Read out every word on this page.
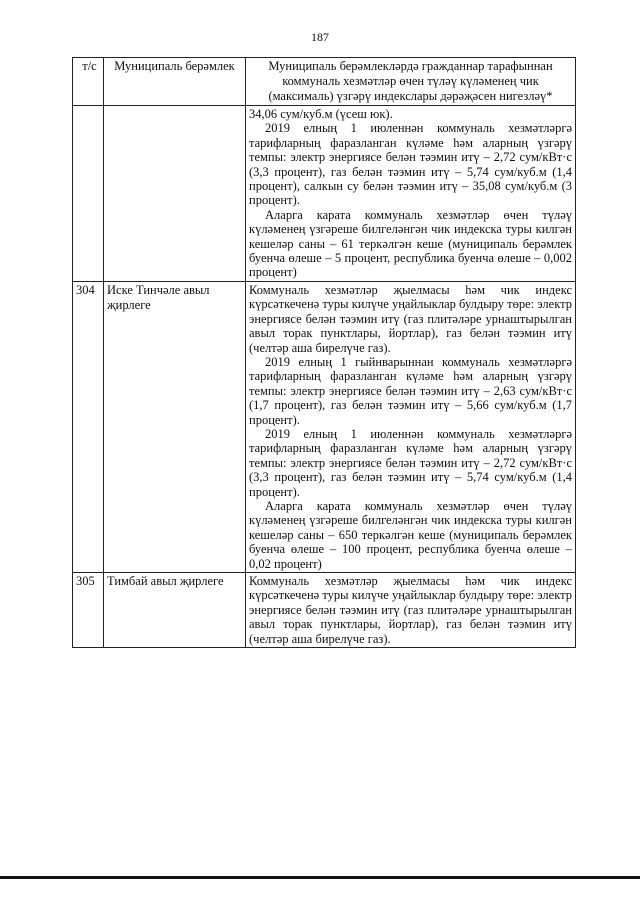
187
т/с	Муниципаль берәмлек	Муниципаль берәмлекләрдә гражданнар тарафыннан коммуналь хезмәтләр өчен түләү күләменең чик (максималь) үзгәрү индекслары дәрәҗәсен нигезләү*

		34,06 сум/куб.м (үсеш юк).

2019 елның 1 июленнән коммуналь хезмәтләргә тарифларның фаразланган күләме һәм аларның үзгәрү темпы: электр энергиясе белән тәэмин итү – 2,72 сум/кВт·с (3,3 процент), газ белән тәэмин итү – 5,74 сум/куб.м (1,4 процент), салкын су белән тәэмин итү – 35,08 сум/куб.м (3 процент).

Аларга карата коммуналь хезмәтләр өчен түләү күләменең үзгәреше билгеләнгән чик индекска туры килгән кешеләр саны – 61 теркәлгән кеше (муниципаль берәмлек буенча өлеше – 5 процент, республика буенча өлеше – 0,002 процент)

304	Иске Тинчәле авыл җирлеге	Коммуналь хезмәтләр җыелмасы һәм чик индекс күрсәткеченә туры килүче уңайлыклар булдыру төре: электр энергиясе белән тәэмин итү (газ плитәләре урнаштырылган авыл торак пунктлары, йортлар), газ белән тәэмин итү (челтәр аша бирелүче газ).

2019 елның 1 гыйнварыннан коммуналь хезмәтләргә тарифларның фаразланган күләме һәм аларның үзгәрү темпы: электр энергиясе белән тәэмин итү – 2,63 сум/кВт·с (1,7 процент), газ белән тәэмин итү – 5,66 сум/куб.м (1,7 процент).

2019 елның 1 июленнән коммуналь хезмәтләргә тарифларның фаразланган күләме һәм аларның үзгәрү темпы: электр энергиясе белән тәэмин итү – 2,72 сум/кВт·с (3,3 процент), газ белән тәэмин итү – 5,74 сум/куб.м (1,4 процент).

Аларга карата коммуналь хезмәтләр өчен түләү күләменең үзгәреше билгеләнгән чик индекска туры килгән кешеләр саны – 650 теркәлгән кеше (муниципаль берәмлек буенча өлеше – 100 процент, республика буенча өлеше – 0,02 процент)

305	Тимбай авыл җирлеге	Коммуналь хезмәтләр җыелмасы һәм чик индекс күрсәткеченә туры килүче уңайлыклар булдыру төре: электр энергиясе белән тәэмин итү (газ плитәләре урнаштырылган авыл торак пунктлары, йортлар), газ белән тәэмин итү (челтәр аша бирелүче газ).
